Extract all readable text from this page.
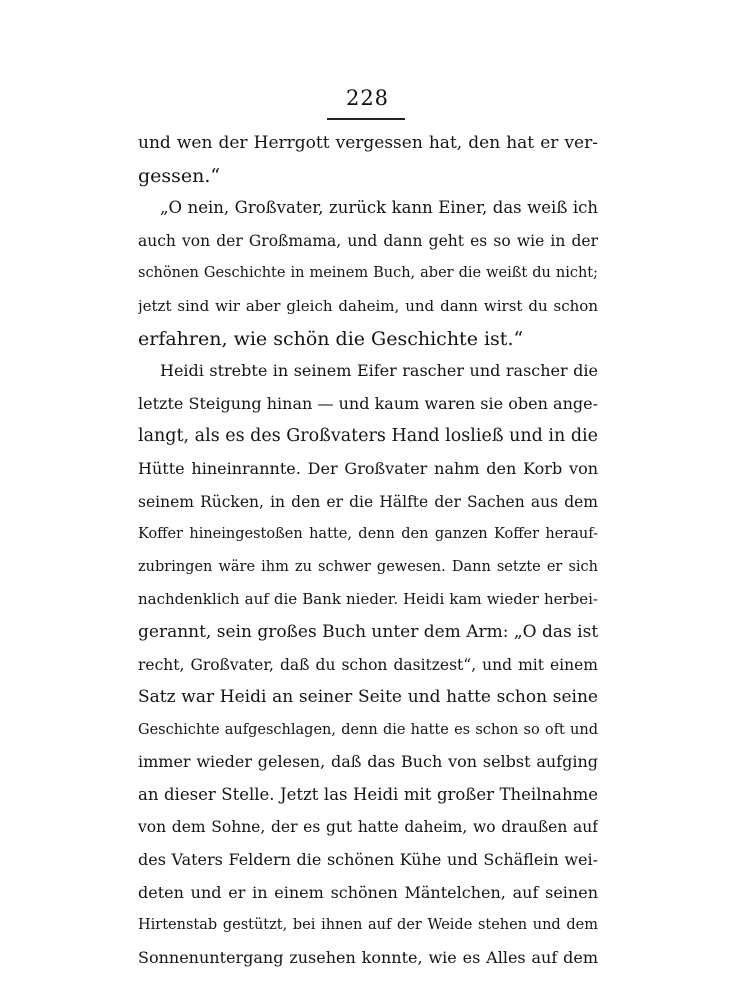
228
und wen der Herrgott vergessen hat, den hat er ver-
gessen.“
„O nein, Großvater, zurück kann Einer, das weiß ich
auch von der Großmama, und dann geht es so wie in der
schönen Geschichte in meinem Buch, aber die weißt du nicht;
jetzt sind wir aber gleich daheim, und dann wirst du schon
erfahren, wie schön die Geschichte ist.“
Heidi strebte in seinem Eifer rascher und rascher die
letzte Steigung hinan — und kaum waren sie oben ange-
langt, als es des Großvaters Hand losließ und in die
Hütte hineinrannte. Der Großvater nahm den Korb von
seinem Rücken, in den er die Hälfte der Sachen aus dem
Koffer hineingestoßen hatte, denn den ganzen Koffer herauf-
zubringen wäre ihm zu schwer gewesen. Dann setzte er sich
nachdenklich auf die Bank nieder. Heidi kam wieder herbei-
gerannt, sein großes Buch unter dem Arm: „O das ist
recht, Großvater, daß du schon dasitzest“, und mit einem
Satz war Heidi an seiner Seite und hatte schon seine
Geschichte aufgeschlagen, denn die hatte es schon so oft und
immer wieder gelesen, daß das Buch von selbst aufging
an dieser Stelle. Jetzt las Heidi mit großer Theilnahme
von dem Sohne, der es gut hatte daheim, wo draußen auf
des Vaters Feldern die schönen Kühe und Schäflein wei-
deten und er in einem schönen Mäntelchen, auf seinen
Hirtenstab gestützt, bei ihnen auf der Weide stehen und dem
Sonnenuntergang zusehen konnte, wie es Alles auf dem
